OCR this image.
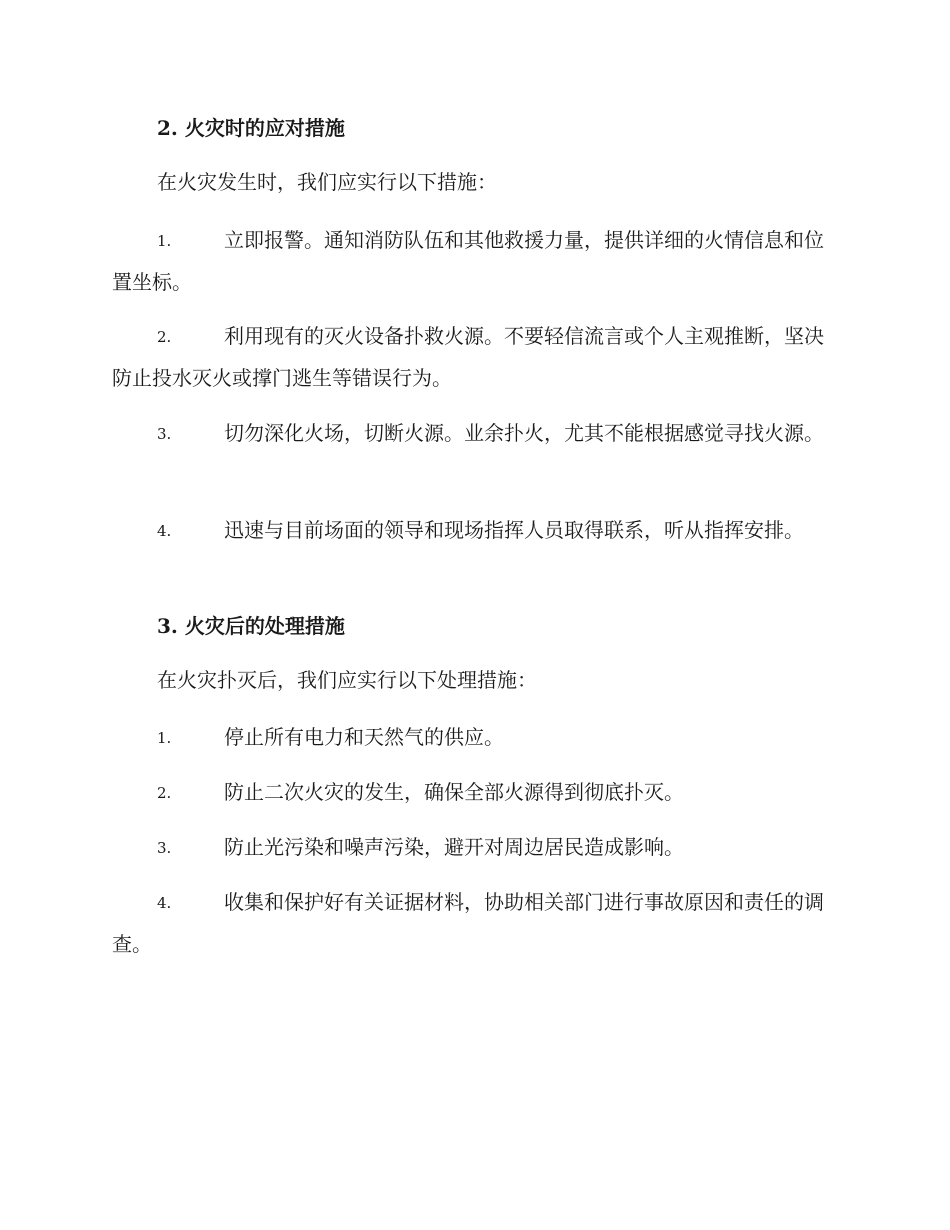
2. 火灾时的应对措施
在火灾发生时，我们应实行以下措施：
1.	立即报警。通知消防队伍和其他救援力量，提供详细的火情信息和位置坐标。

2.	利用现有的灭火设备扑救火源。不要轻信流言或个人主观推断，坚决防止投水灭火或撑门逃生等错误行为。

3.	切勿深化火场，切断火源。业余扑火，尤其不能根据感觉寻找火源。

4.	迅速与目前场面的领导和现场指挥人员取得联系，听从指挥安排。

3. 火灾后的处理措施
在火灾扑灭后，我们应实行以下处理措施：
1.	停止所有电力和天然气的供应。

2.	防止二次火灾的发生，确保全部火源得到彻底扑灭。

3.	防止光污染和噪声污染，避开对周边居民造成影响。

4.	收集和保护好有关证据材料，协助相关部门进行事故原因和责任的调查。
